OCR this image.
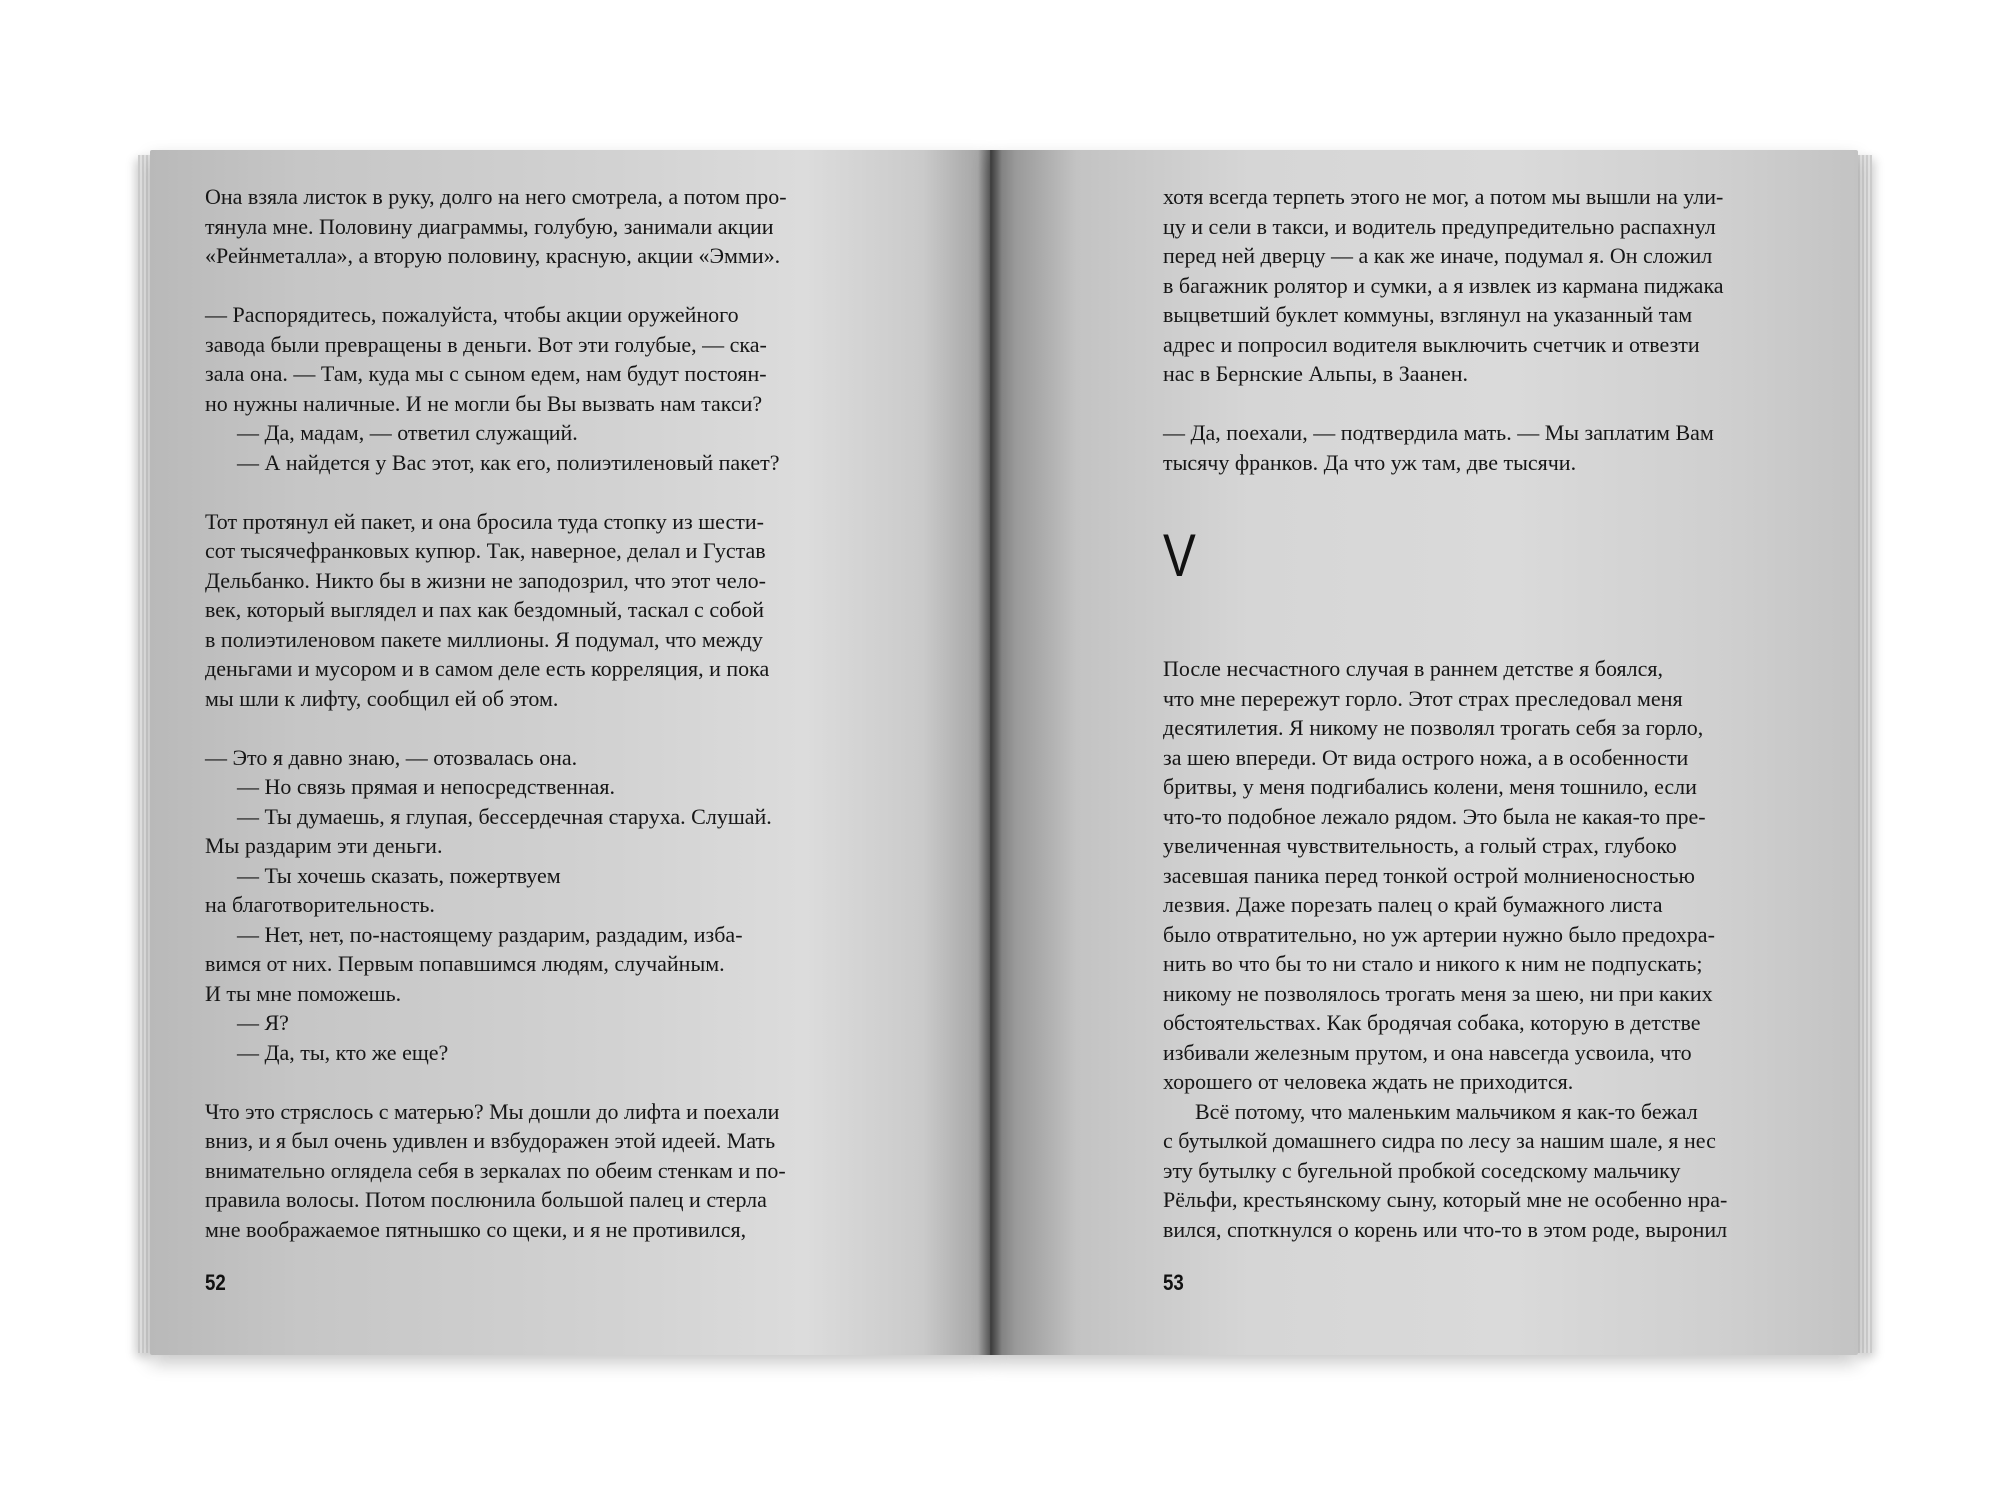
Она взяла листок в руку, долго на него смотрела, а потом про-

тянула мне. Половину диаграммы, голубую, занимали акции

«Рейнметалла», а вторую половину, красную, акции «Эмми».

— Распорядитесь, пожалуйста, чтобы акции оружейного

завода были превращены в деньги. Вот эти голубые, — ска-

зала она. — Там, куда мы с сыном едем, нам будут постоян-

но нужны наличные. И не могли бы Вы вызвать нам такси?

— Да, мадам, — ответил служащий.

— А найдется у Вас этот, как его, полиэтиленовый пакет?

Тот протянул ей пакет, и она бросила туда стопку из шести-

сот тысячефранковых купюр. Так, наверное, делал и Густав

Дельбанко. Никто бы в жизни не заподозрил, что этот чело-

век, который выглядел и пах как бездомный, таскал с собой

в полиэтиленовом пакете миллионы. Я подумал, что между

деньгами и мусором и в самом деле есть корреляция, и пока

мы шли к лифту, сообщил ей об этом.

— Это я давно знаю, — отозвалась она.

— Но связь прямая и непосредственная.

— Ты думаешь, я глупая, бессердечная старуха. Слушай.

Мы раздарим эти деньги.

— Ты хочешь сказать, пожертвуем

на благотворительность.

— Нет, нет, по-настоящему раздарим, раздадим, изба-

вимся от них. Первым попавшимся людям, случайным.

И ты мне поможешь.

— Я?

— Да, ты, кто же еще?

Что это стряслось с матерью? Мы дошли до лифта и поехали

вниз, и я был очень удивлен и взбудоражен этой идеей. Мать

внимательно оглядела себя в зеркалах по обеим стенкам и по-

правила волосы. Потом послюнила большой палец и стерла

мне воображаемое пятнышко со щеки, и я не противился,

52

хотя всегда терпеть этого не мог, а потом мы вышли на ули-

цу и сели в такси, и водитель предупредительно распахнул

перед ней дверцу — а как же иначе, подумал я. Он сложил

в багажник ролятор и сумки, а я извлек из кармана пиджака

выцветший буклет коммуны, взглянул на указанный там

адрес и попросил водителя выключить счетчик и отвезти

нас в Бернские Альпы, в Заанен.

— Да, поехали, — подтвердила мать. — Мы заплатим Вам

тысячу франков. Да что уж там, две тысячи.

V

После несчастного случая в раннем детстве я боялся,

что мне перережут горло. Этот страх преследовал меня

десятилетия. Я никому не позволял трогать себя за горло,

за шею впереди. От вида острого ножа, а в особенности

бритвы, у меня подгибались колени, меня тошнило, если

что-то подобное лежало рядом. Это была не какая-то пре-

увеличенная чувствительность, а голый страх, глубоко

засевшая паника перед тонкой острой молниеносностью

лезвия. Даже порезать палец о край бумажного листа

было отвратительно, но уж артерии нужно было предохра-

нить во что бы то ни стало и никого к ним не подпускать;

никому не позволялось трогать меня за шею, ни при каких

обстоятельствах. Как бродячая собака, которую в детстве

избивали железным прутом, и она навсегда усвоила, что

хорошего от человека ждать не приходится.

Всё потому, что маленьким мальчиком я как-то бежал

с бутылкой домашнего сидра по лесу за нашим шале, я нес

эту бутылку с бугельной пробкой соседскому мальчику

Рёльфи, крестьянскому сыну, который мне не особенно нра-

вился, споткнулся о корень или что-то в этом роде, выронил

53
